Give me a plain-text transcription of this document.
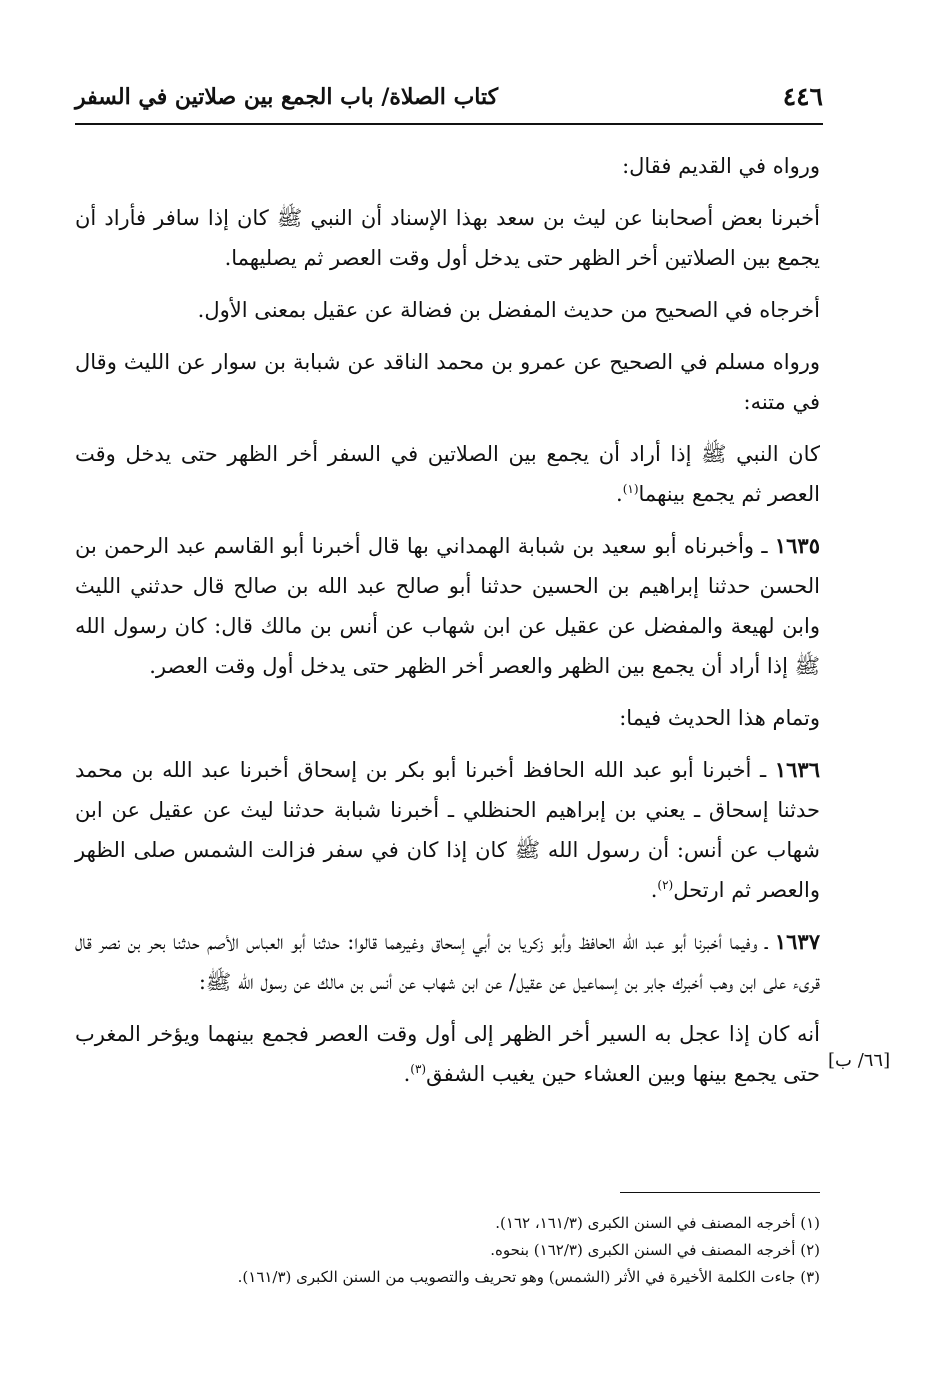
٤٤٦
كتاب الصلاة/ باب الجمع بين صلاتين في السفر

ورواه في القديم فقال:

أخبرنا بعض أصحابنا عن ليث بن سعد بهذا الإسناد أن النبي ﷺ كان إذا سافر فأراد أن يجمع بين الصلاتين أخر الظهر حتى يدخل أول وقت العصر ثم يصليهما.

أخرجاه في الصحيح من حديث المفضل بن فضالة عن عقيل بمعنى الأول.

ورواه مسلم في الصحيح عن عمرو بن محمد الناقد عن شبابة بن سوار عن الليث وقال في متنه:

كان النبي ﷺ إذا أراد أن يجمع بين الصلاتين في السفر أخر الظهر حتى يدخل وقت العصر ثم يجمع بينهما$^{(١)}$.

١٦٣٥ ـ وأخبرناه أبو سعيد بن شبابة الهمداني بها قال أخبرنا أبو القاسم عبد الرحمن بن الحسن حدثنا إبراهيم بن الحسين حدثنا أبو صالح عبد الله بن صالح قال حدثني الليث وابن لهيعة والمفضل عن عقيل عن ابن شهاب عن أنس بن مالك قال: كان رسول الله ﷺ إذا أراد أن يجمع بين الظهر والعصر أخر الظهر حتى يدخل أول وقت العصر.

وتمام هذا الحديث فيما:

١٦٣٦ ـ أخبرنا أبو عبد الله الحافظ أخبرنا أبو بكر بن إسحاق أخبرنا عبد الله بن محمد حدثنا إسحاق ـ يعني بن إبراهيم الحنظلي ـ أخبرنا شبابة حدثنا ليث عن عقيل عن ابن شهاب عن أنس: أن رسول الله ﷺ كان إذا كان في سفر فزالت الشمس صلى الظهر والعصر ثم ارتحل$^{(٢)}$.

١٦٣٧ ـ وفيما أخبرنا أبو عبد الله الحافظ وأبو زكريا بن أبي إسحاق وغيرهما قالوا: حدثنا أبو العباس الأصم حدثنا بحر بن نصر قال قرىء على ابن وهب أخبرك جابر بن إسماعيل عن عقيل/ عن ابن شهاب عن أنس بن مالك عن رسول الله ﷺ:

أنه كان إذا عجل به السير أخر الظهر إلى أول وقت العصر فجمع بينهما ويؤخر المغرب حتى يجمع بينها وبين العشاء حين يغيب الشفق$^{(٣)}$.

[٦٦/ ب]
(١) أخرجه المصنف في السنن الكبرى (١٦١/٣، ١٦٢).
(٢) أخرجه المصنف في السنن الكبرى (١٦٢/٣) بنحوه.
(٣) جاءت الكلمة الأخيرة في الأثر (الشمس) وهو تحريف والتصويب من السنن الكبرى (١٦١/٣).
